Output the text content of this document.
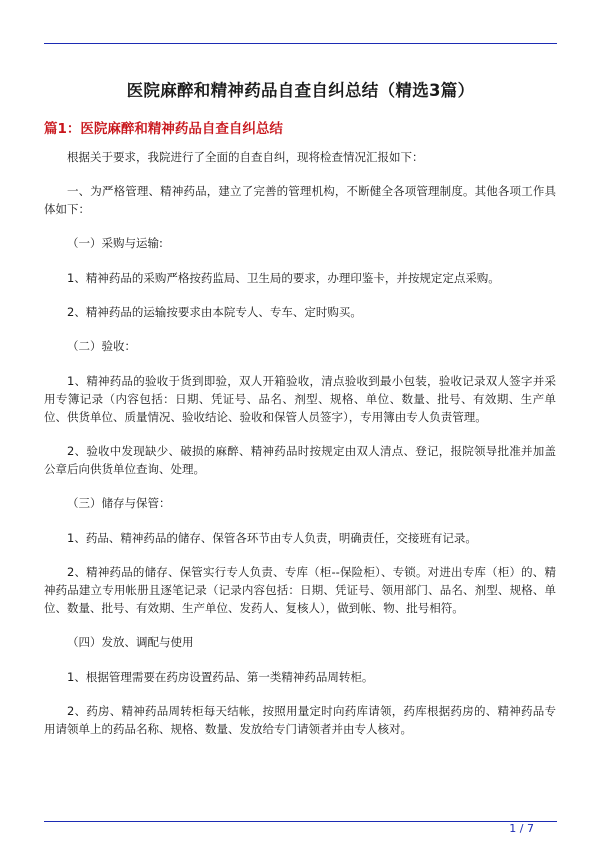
医院麻醉和精神药品自查自纠总结（精选3篇）
篇1：医院麻醉和精神药品自查自纠总结

根据关于要求，我院进行了全面的自查自纠，现将检查情况汇报如下：

一、为严格管理、精神药品，建立了完善的管理机构，不断健全各项管理制度。其他各项工作具体如下：

（一）采购与运输:

1、精神药品的采购严格按药监局、卫生局的要求，办理印鉴卡，并按规定定点采购。

2、精神药品的运输按要求由本院专人、专车、定时购买。

（二）验收：

1、精神药品的验收于货到即验，双人开箱验收，清点验收到最小包装，验收记录双人签字并采用专簿记录（内容包括：日期、凭证号、品名、剂型、规格、单位、数量、批号、有效期、生产单位、供货单位、质量情况、验收结论、验收和保管人员签字），专用簿由专人负责管理。

2、验收中发现缺少、破损的麻醉、精神药品时按规定由双人清点、登记，报院领导批准并加盖公章后向供货单位查询、处理。

（三）储存与保管：

1、药品、精神药品的储存、保管各环节由专人负责，明确责任，交接班有记录。

2、精神药品的储存、保管实行专人负责、专库（柜--保险柜）、专锁。对进出专库（柜）的、精神药品建立专用帐册且逐笔记录（记录内容包括：日期、凭证号、领用部门、品名、剂型、规格、单位、数量、批号、有效期、生产单位、发药人、复核人），做到帐、物、批号相符。

（四）发放、调配与使用

1、根据管理需要在药房设置药品、第一类精神药品周转柜。

2、药房、精神药品周转柜每天结帐，按照用量定时向药库请领，药库根据药房的、精神药品专用请领单上的药品名称、规格、数量、发放给专门请领者并由专人核对。

1 / 7
